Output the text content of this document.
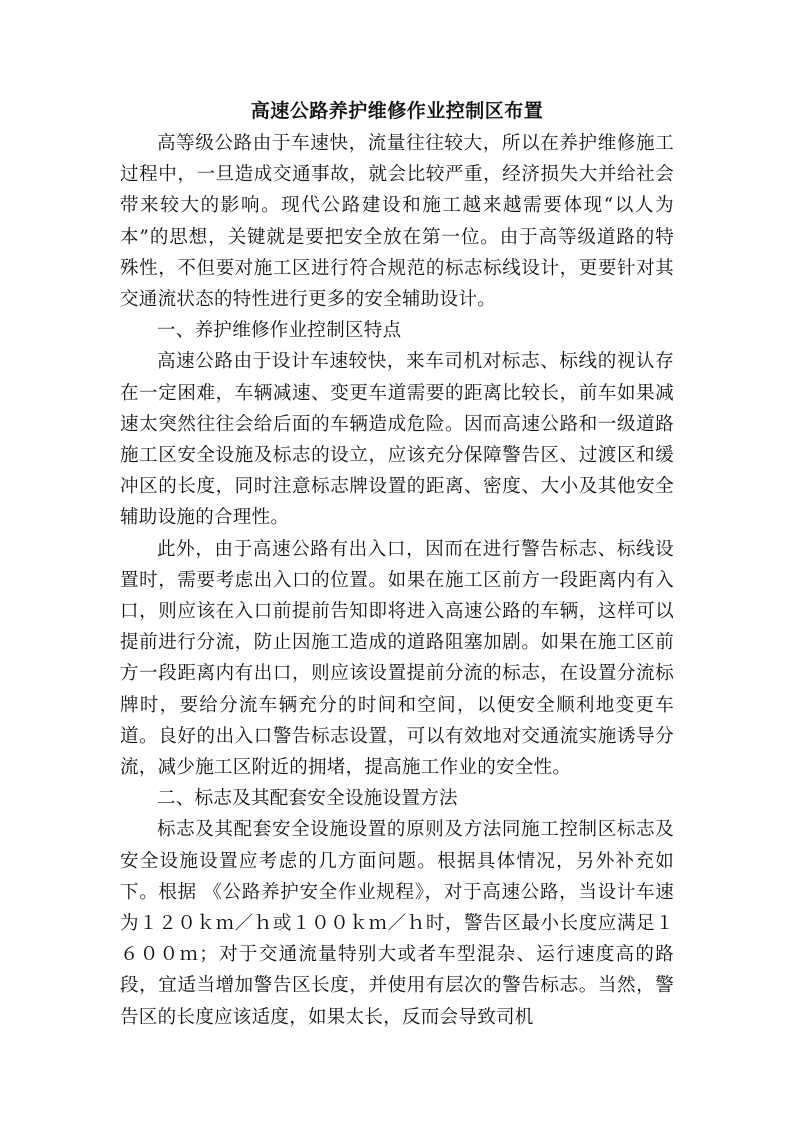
高速公路养护维修作业控制区布置

高等级公路由于车速快，流量往往较大，所以在养护维修施工过程中，一旦造成交通事故，就会比较严重，经济损失大并给社会带来较大的影响。现代公路建设和施工越来越需要体现“以人为本”的思想，关键就是要把安全放在第一位。由于高等级道路的特殊性，不但要对施工区进行符合规范的标志标线设计，更要针对其交通流状态的特性进行更多的安全辅助设计。

一、养护维修作业控制区特点

高速公路由于设计车速较快，来车司机对标志、标线的视认存在一定困难，车辆减速、变更车道需要的距离比较长，前车如果减速太突然往往会给后面的车辆造成危险。因而高速公路和一级道路施工区安全设施及标志的设立，应该充分保障警告区、过渡区和缓冲区的长度，同时注意标志牌设置的距离、密度、大小及其他安全辅助设施的合理性。

此外，由于高速公路有出入口，因而在进行警告标志、标线设置时，需要考虑出入口的位置。如果在施工区前方一段距离内有入口，则应该在入口前提前告知即将进入高速公路的车辆，这样可以提前进行分流，防止因施工造成的道路阻塞加剧。如果在施工区前方一段距离内有出口，则应该设置提前分流的标志，在设置分流标牌时，要给分流车辆充分的时间和空间，以便安全顺利地变更车道。良好的出入口警告标志设置，可以有效地对交通流实施诱导分流，减少施工区附近的拥堵，提高施工作业的安全性。

二、标志及其配套安全设施设置方法

标志及其配套安全设施设置的原则及方法同施工控制区标志及安全设施设置应考虑的几方面问题。根据具体情况，另外补充如下。根据 《公路养护安全作业规程》，对于高速公路，当设计车速为１２０ｋｍ／ｈ或１００ｋｍ／ｈ时，警告区最小长度应满足１６００ｍ；对于交通流量特别大或者车型混杂、运行速度高的路段，宜适当增加警告区长度，并使用有层次的警告标志。当然，警告区的长度应该适度，如果太长，反而会导致司机
